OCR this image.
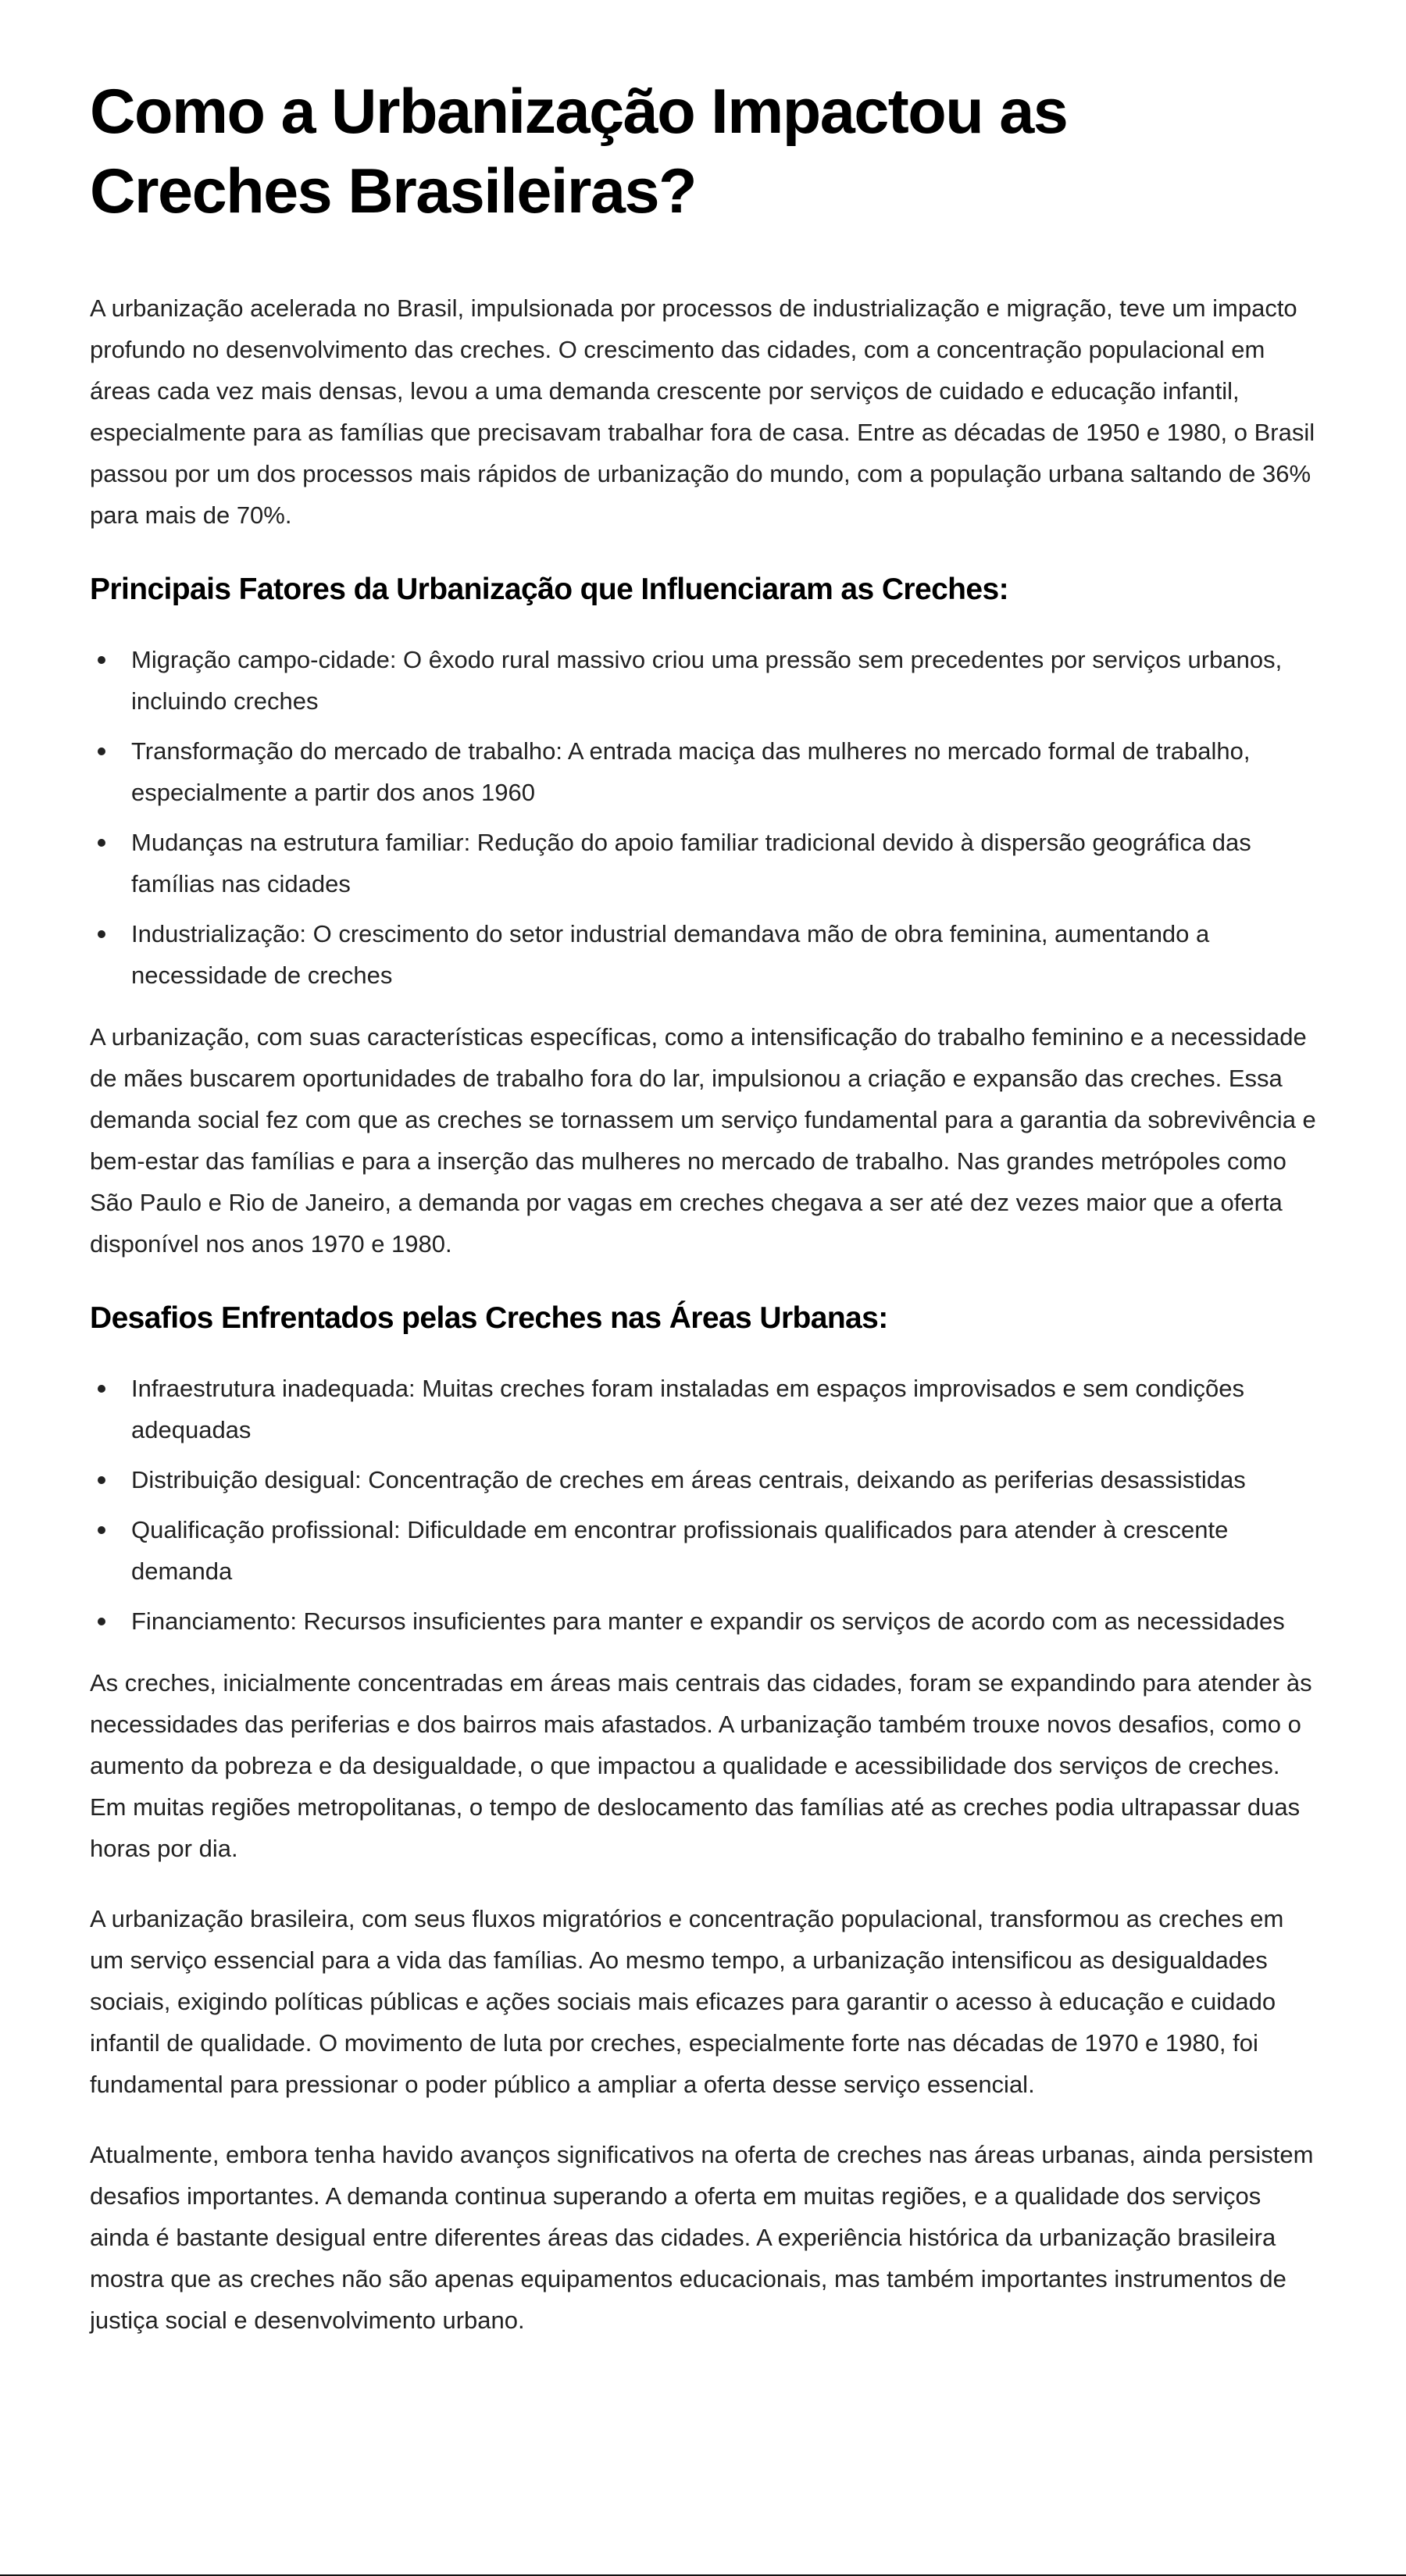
Como a Urbanização Impactou as Creches Brasileiras?

A urbanização acelerada no Brasil, impulsionada por processos de industrialização e migração, teve um impacto profundo no desenvolvimento das creches. O crescimento das cidades, com a concentração populacional em áreas cada vez mais densas, levou a uma demanda crescente por serviços de cuidado e educação infantil, especialmente para as famílias que precisavam trabalhar fora de casa. Entre as décadas de 1950 e 1980, o Brasil passou por um dos processos mais rápidos de urbanização do mundo, com a população urbana saltando de 36% para mais de 70%.

Principais Fatores da Urbanização que Influenciaram as Creches:
Migração campo-cidade: O êxodo rural massivo criou uma pressão sem precedentes por serviços urbanos, incluindo creches
Transformação do mercado de trabalho: A entrada maciça das mulheres no mercado formal de trabalho, especialmente a partir dos anos 1960
Mudanças na estrutura familiar: Redução do apoio familiar tradicional devido à dispersão geográfica das famílias nas cidades
Industrialização: O crescimento do setor industrial demandava mão de obra feminina, aumentando a necessidade de creches

A urbanização, com suas características específicas, como a intensificação do trabalho feminino e a necessidade de mães buscarem oportunidades de trabalho fora do lar, impulsionou a criação e expansão das creches. Essa demanda social fez com que as creches se tornassem um serviço fundamental para a garantia da sobrevivência e bem-estar das famílias e para a inserção das mulheres no mercado de trabalho. Nas grandes metrópoles como São Paulo e Rio de Janeiro, a demanda por vagas em creches chegava a ser até dez vezes maior que a oferta disponível nos anos 1970 e 1980.

Desafios Enfrentados pelas Creches nas Áreas Urbanas:
Infraestrutura inadequada: Muitas creches foram instaladas em espaços improvisados e sem condições adequadas
Distribuição desigual: Concentração de creches em áreas centrais, deixando as periferias desassistidas
Qualificação profissional: Dificuldade em encontrar profissionais qualificados para atender à crescente demanda
Financiamento: Recursos insuficientes para manter e expandir os serviços de acordo com as necessidades

As creches, inicialmente concentradas em áreas mais centrais das cidades, foram se expandindo para atender às necessidades das periferias e dos bairros mais afastados. A urbanização também trouxe novos desafios, como o aumento da pobreza e da desigualdade, o que impactou a qualidade e acessibilidade dos serviços de creches. Em muitas regiões metropolitanas, o tempo de deslocamento das famílias até as creches podia ultrapassar duas horas por dia.

A urbanização brasileira, com seus fluxos migratórios e concentração populacional, transformou as creches em um serviço essencial para a vida das famílias. Ao mesmo tempo, a urbanização intensificou as desigualdades sociais, exigindo políticas públicas e ações sociais mais eficazes para garantir o acesso à educação e cuidado infantil de qualidade. O movimento de luta por creches, especialmente forte nas décadas de 1970 e 1980, foi fundamental para pressionar o poder público a ampliar a oferta desse serviço essencial.

Atualmente, embora tenha havido avanços significativos na oferta de creches nas áreas urbanas, ainda persistem desafios importantes. A demanda continua superando a oferta em muitas regiões, e a qualidade dos serviços ainda é bastante desigual entre diferentes áreas das cidades. A experiência histórica da urbanização brasileira mostra que as creches não são apenas equipamentos educacionais, mas também importantes instrumentos de justiça social e desenvolvimento urbano.
